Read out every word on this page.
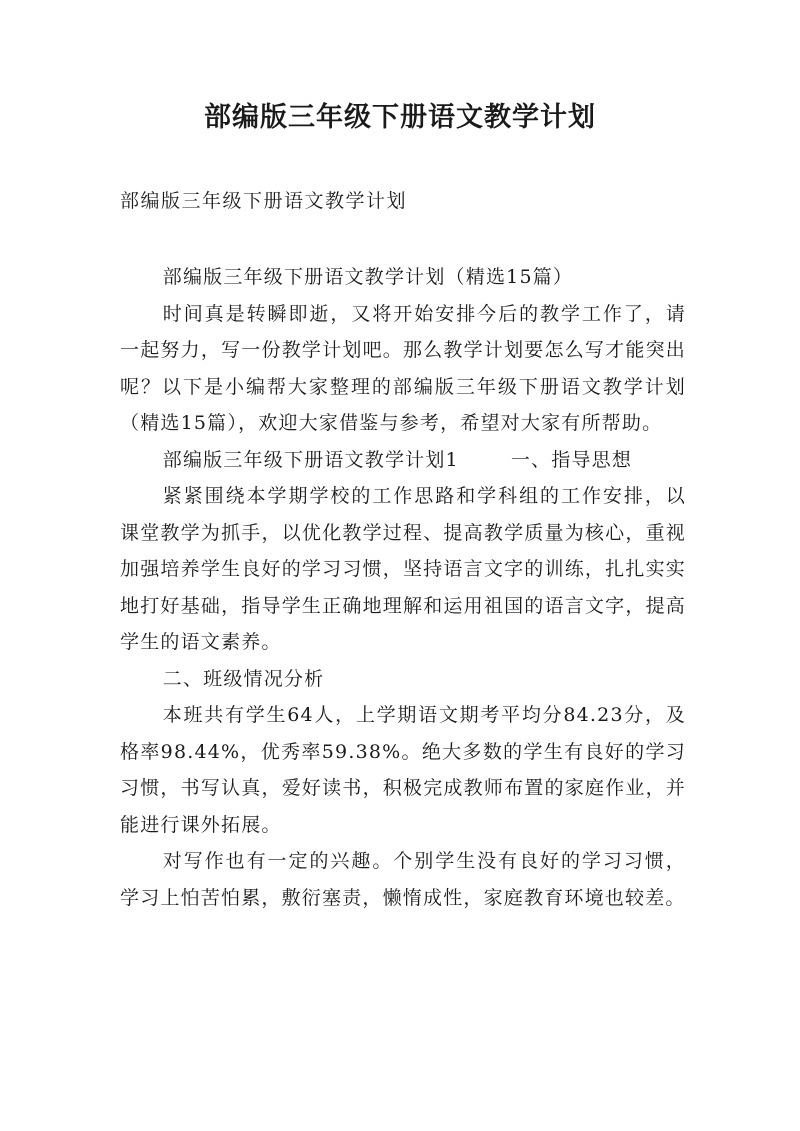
部编版三年级下册语文教学计划
部编版三年级下册语文教学计划

部编版三年级下册语文教学计划（精选15篇）

时间真是转瞬即逝，又将开始安排今后的教学工作了，请一起努力，写一份教学计划吧。那么教学计划要怎么写才能突出呢？以下是小编帮大家整理的部编版三年级下册语文教学计划（精选15篇），欢迎大家借鉴与参考，希望对大家有所帮助。

部编版三年级下册语文教学计划1	一、指导思想

紧紧围绕本学期学校的工作思路和学科组的工作安排，以课堂教学为抓手，以优化教学过程、提高教学质量为核心，重视加强培养学生良好的学习习惯，坚持语言文字的训练，扎扎实实地打好基础，指导学生正确地理解和运用祖国的语言文字，提高学生的语文素养。

二、班级情况分析

本班共有学生64人，上学期语文期考平均分84.23分，及格率98.44%，优秀率59.38%。绝大多数的学生有良好的学习习惯，书写认真，爱好读书，积极完成教师布置的家庭作业，并能进行课外拓展。

对写作也有一定的兴趣。个别学生没有良好的学习习惯，学习上怕苦怕累，敷衍塞责，懒惰成性，家庭教育环境也较差。
